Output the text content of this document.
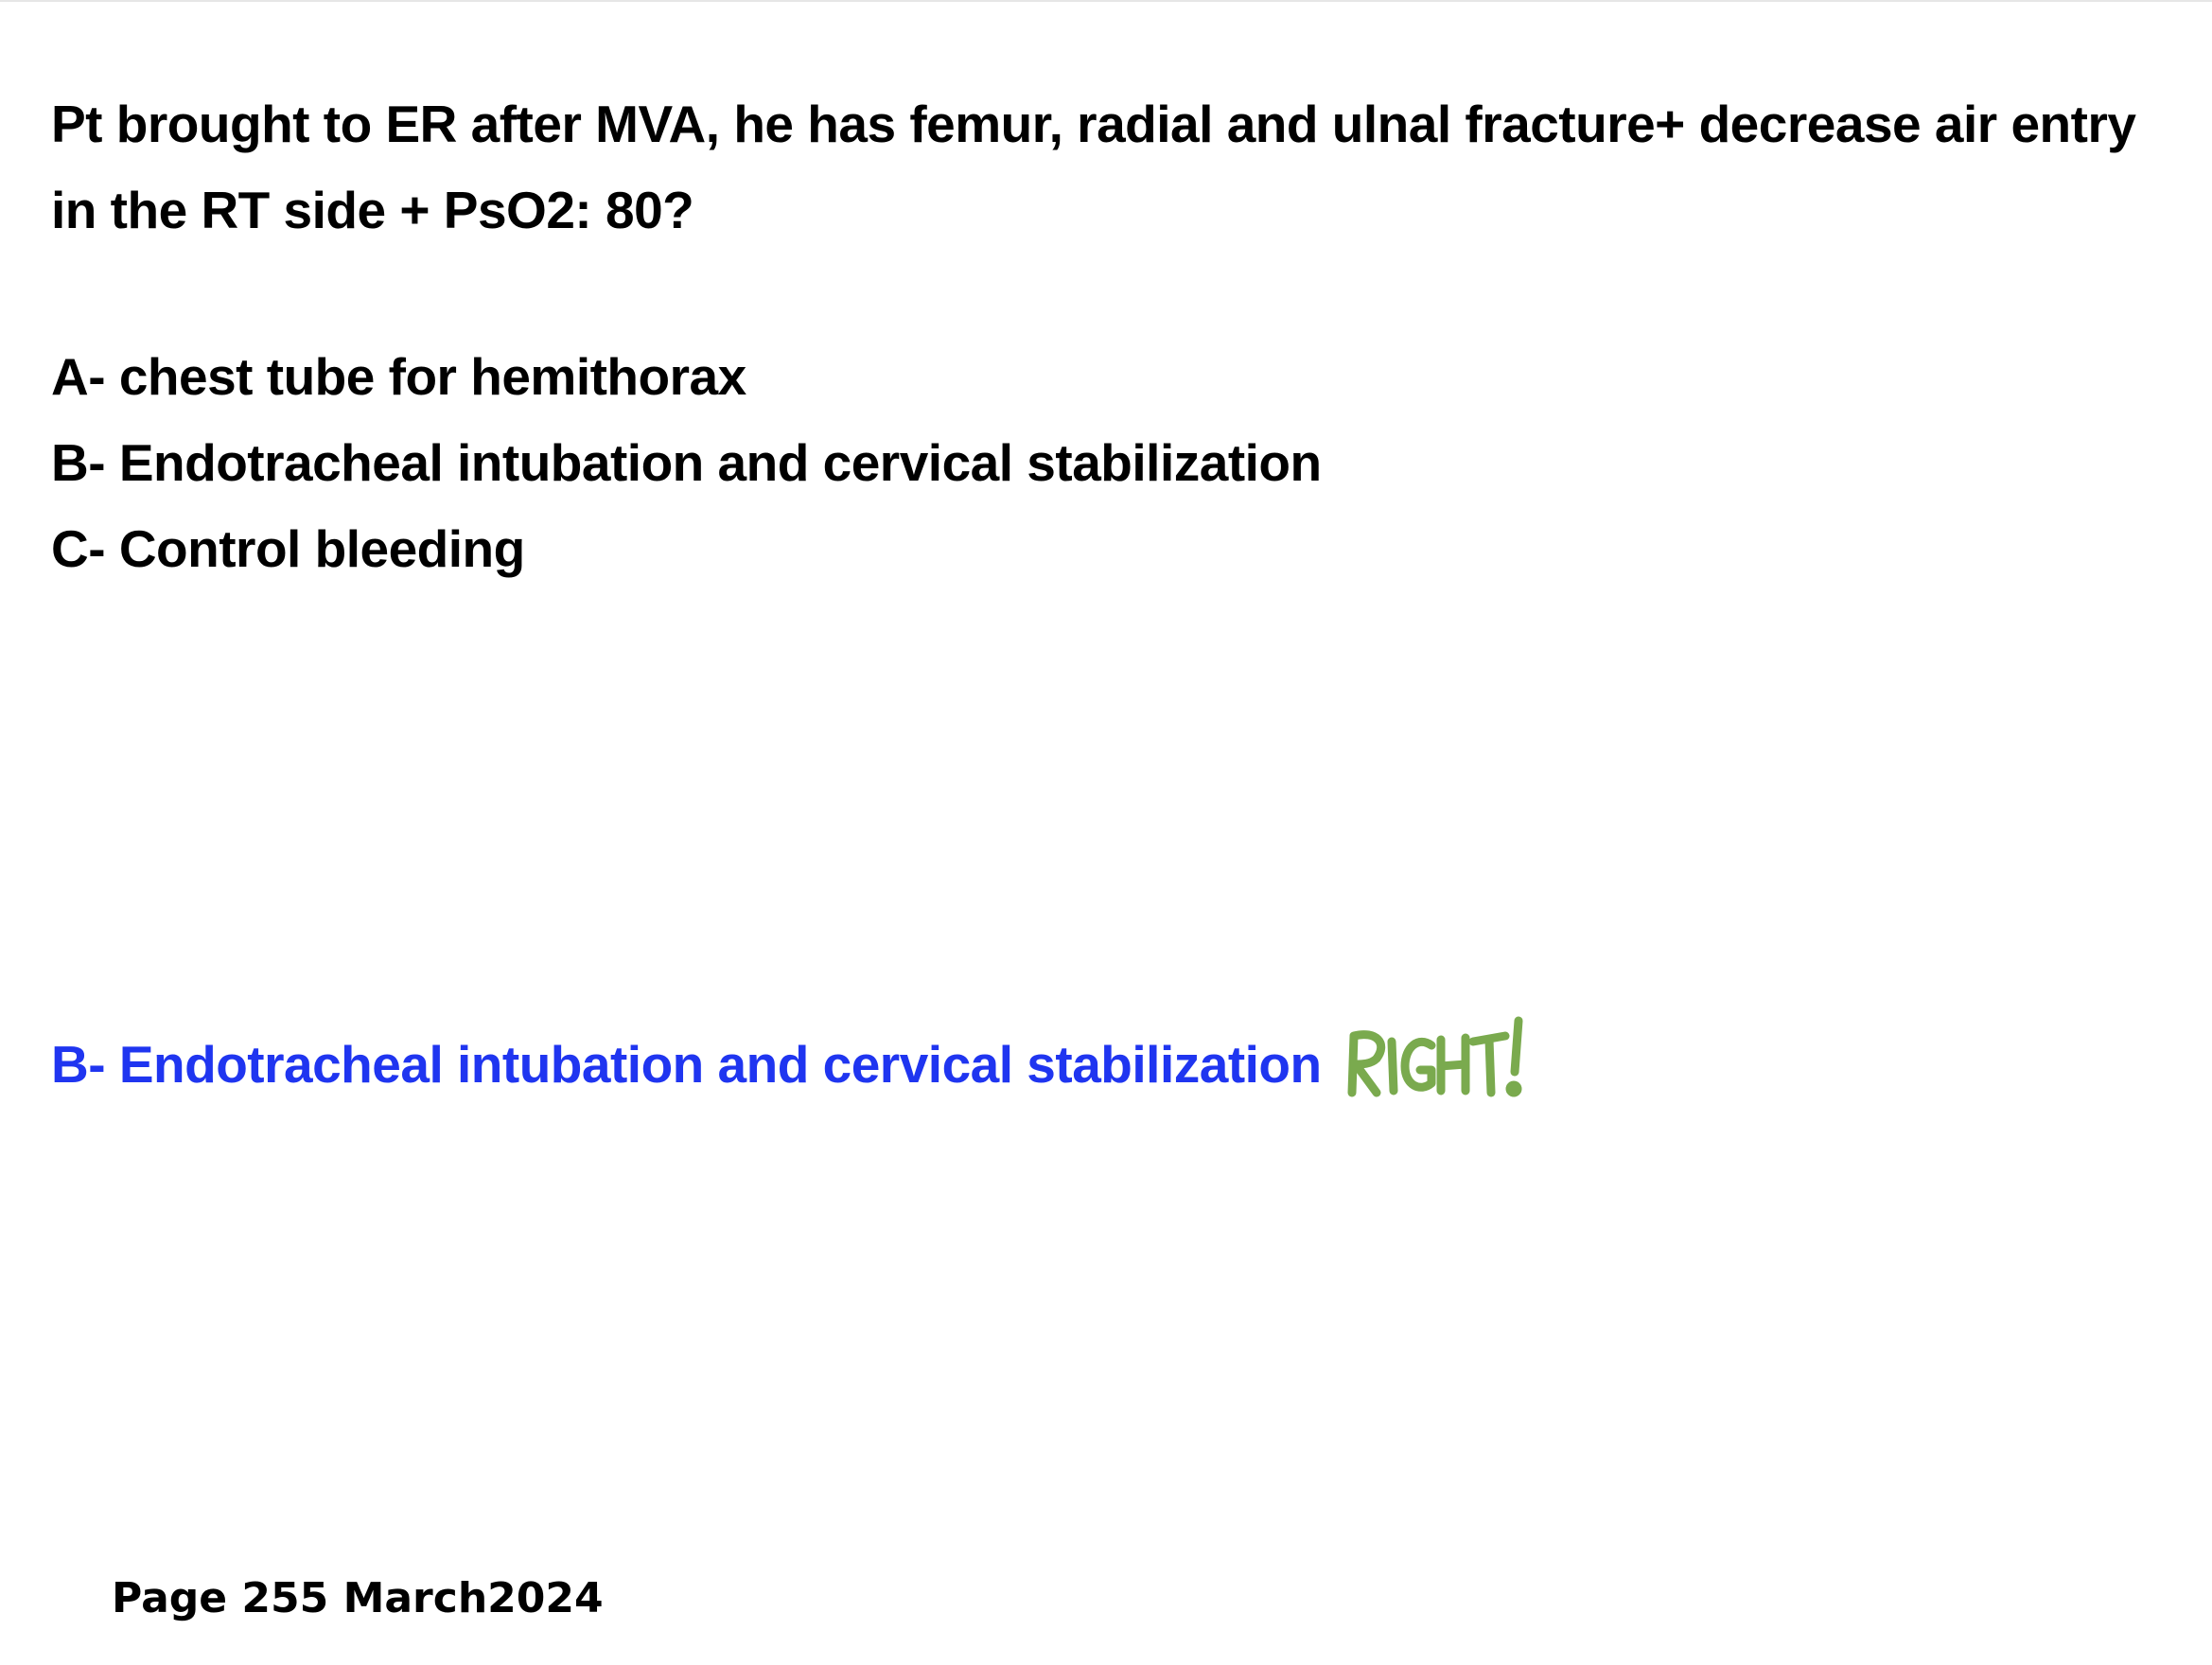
Pt brought to ER after MVA, he has femur, radial and ulnal fracture+ decrease air entry in the RT side + PsO2: 80?

A- chest tube for hemithorax
B- Endotracheal intubation and cervical stabilization
C- Control bleeding
B- Endotracheal intubation and cervical stabilization

Page 255 March2024
